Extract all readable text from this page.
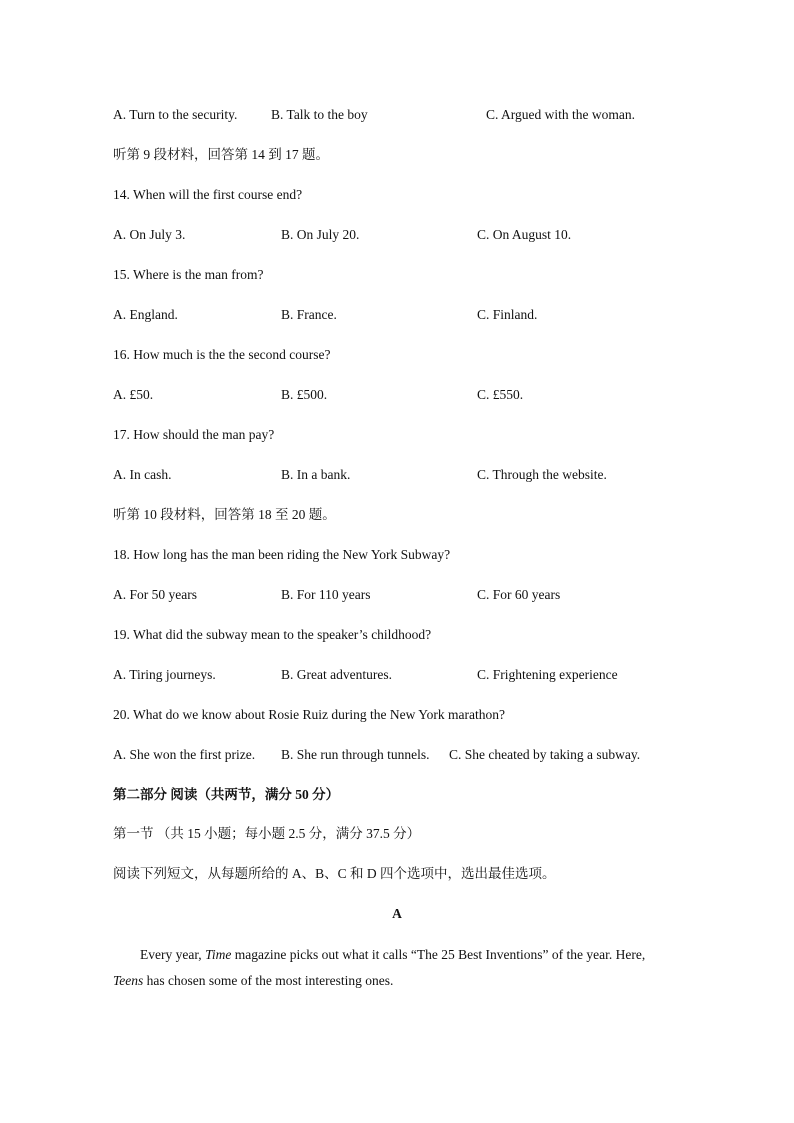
A. Turn to the security. B. Talk to the boy	C. Argued with the woman.
听第 9 段材料，回答第 14 到 17 题。
14. When will the first course end?
A. On July 3.	B. On July 20.	C. On August 10.
15. Where is the man from?
A. England.	B. France.	C. Finland.
16. How much is the the second course?
A. £50.	B. £500.	C. £550.
17. How should the man pay?
A. In cash.	B. In a bank.	C. Through the website.
听第 10 段材料，回答第 18 至 20 题。
18. How long has the man been riding the New York Subway?
A. For 50 years	B. For 110 years	C. For 60 years
19. What did the subway mean to the speaker’s childhood?
A. Tiring journeys.	B. Great adventures.	C. Frightening experience
20. What do we know about Rosie Ruiz during the New York marathon?
A. She won the first prize. B. She run through tunnels. C. She cheated by taking a subway.
第二部分 阅读（共两节，满分 50 分）
第一节 （共 15 小题；每小题 2.5 分，满分 37.5 分）
阅读下列短文，从每题所给的 A、B、C 和 D 四个选项中，选出最佳选项。
A
Every year, Time magazine picks out what it calls “The 25 Best Inventions” of the year. Here, Teens has chosen some of the most interesting ones.
